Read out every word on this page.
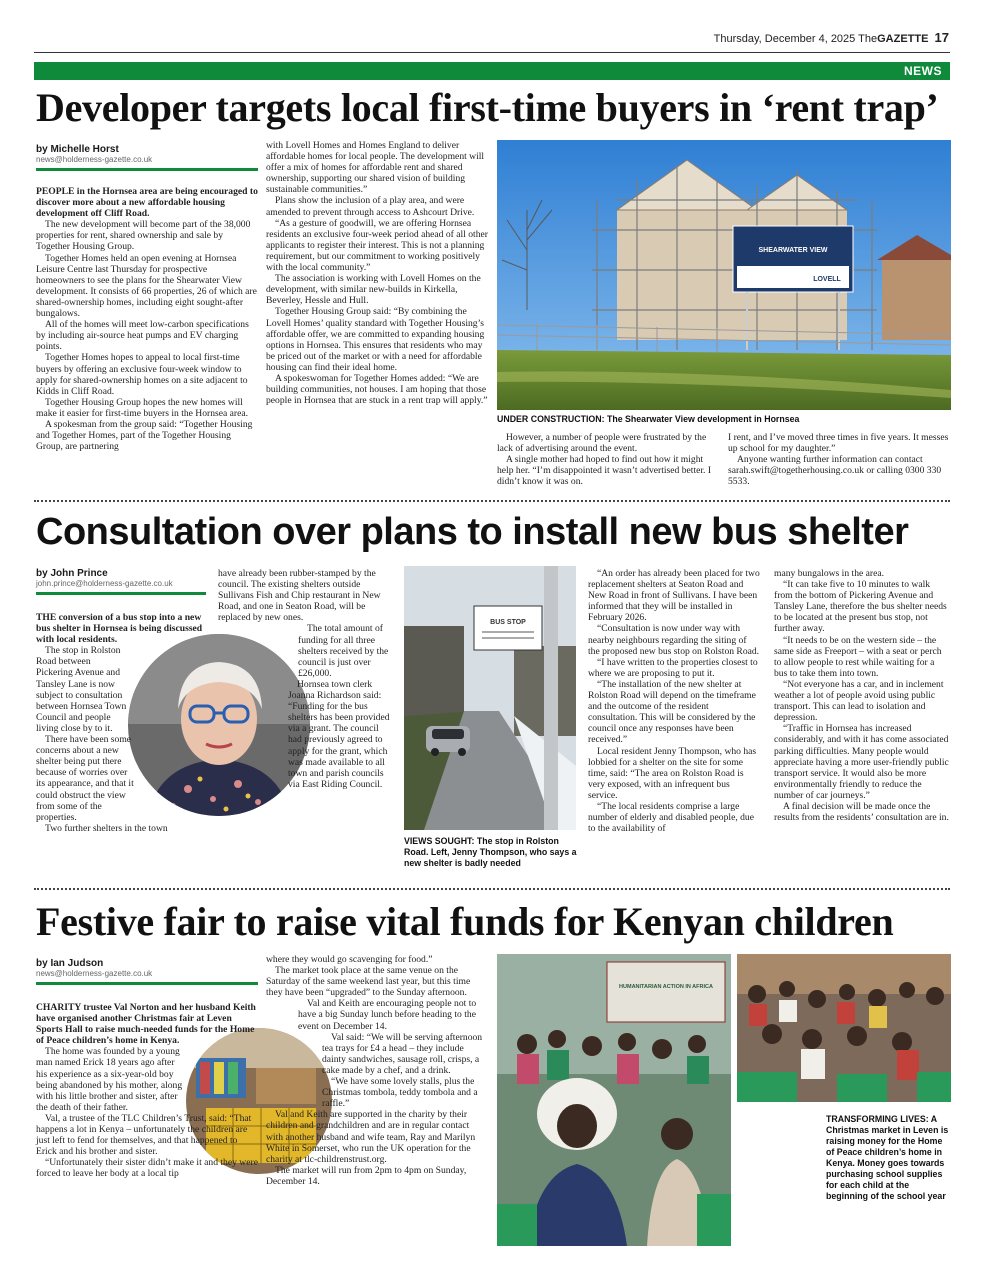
Thursday, December 4, 2025 TheGAZETTE 17
NEWS
Developer targets local first-time buyers in ‘rent trap’
by Michelle Horst
news@holderness-gazette.co.uk

PEOPLE in the Hornsea area are being encouraged to discover more about a new affordable housing development off Cliff Road.

The new development will become part of the 38,000 properties for rent, shared ownership and sale by Together Housing Group.

Together Homes held an open evening at Hornsea Leisure Centre last Thursday for prospective homeowners to see the plans for the Shearwater View development. It consists of 66 properties, 26 of which are shared-ownership homes, including eight sought-after bungalows.

All of the homes will meet low-carbon specifications by including air-source heat pumps and EV charging points.

Together Homes hopes to appeal to local first-time buyers by offering an exclusive four-week window to apply for shared-ownership homes on a site adjacent to Kidds in Cliff Road.

Together Housing Group hopes the new homes will make it easier for first-time buyers in the Hornsea area.

A spokesman from the group said: “Together Housing and Together Homes, part of the Together Housing Group, are partnering

with Lovell Homes and Homes England to deliver affordable homes for local people. The development will offer a mix of homes for affordable rent and shared ownership, supporting our shared vision of building sustainable communities.”

Plans show the inclusion of a play area, and were amended to prevent through access to Ashcourt Drive.

“As a gesture of goodwill, we are offering Hornsea residents an exclusive four-week period ahead of all other applicants to register their interest. This is not a planning requirement, but our commitment to working positively with the local community.”

The association is working with Lovell Homes on the development, with similar new-builds in Kirkella, Beverley, Hessle and Hull.

Together Housing Group said: “By combining the Lovell Homes’ quality standard with Together Housing’s affordable offer, we are committed to expanding housing options in Hornsea. This ensures that residents who may be priced out of the market or with a need for affordable housing can find their ideal home.

A spokeswoman for Together Homes added: “We are building communities, not houses. I am hoping that those people in Hornsea that are stuck in a rent trap will apply.”

SHEARWATER VIEW
LOVELL
UNDER CONSTRUCTION: The Shearwater View development in Hornsea

However, a number of people were frustrated by the lack of advertising around the event.

A single mother had hoped to find out how it might help her. “I’m disappointed it wasn’t advertised better. I didn’t know it was on.

I rent, and I’ve moved three times in five years. It messes up school for my daughter.”

Anyone wanting further information can contact sarah.swift@togetherhousing.co.uk or calling 0300 330 5533.

Consultation over plans to install new bus shelter
by John Prince
john.prince@holderness-gazette.co.uk

THE conversion of a bus stop into a new bus shelter in Hornsea is being discussed with local residents.

The stop in Rolston Road between Pickering Avenue and Tansley Lane is now subject to consultation between Hornsea Town Council and people living close by to it.

There have been some concerns about a new shelter being put there because of worries over its appearance, and that it could obstruct the view from some of the properties.

Two further shelters in the town

have already been rubber-stamped by the council. The existing shelters outside Sullivans Fish and Chip restaurant in New Road, and one in Seaton Road, will be replaced by new ones.

The total amount of funding for all three shelters received by the council is just over £26,000.

Hornsea town clerk Joanna Richardson said: “Funding for the bus shelters has been provided via a grant. The council had previously agreed to apply for the grant, which was made available to all town and parish councils via East Riding Council.

BUS STOP
VIEWS SOUGHT: The stop in Rolston Road. Left, Jenny Thompson, who says a new shelter is badly needed

“An order has already been placed for two replacement shelters at Seaton Road and New Road in front of Sullivans. I have been informed that they will be installed in February 2026.

“Consultation is now under way with nearby neighbours regarding the siting of the proposed new bus stop on Rolston Road.

“I have written to the properties closest to where we are proposing to put it.

“The installation of the new shelter at Rolston Road will depend on the timeframe and the outcome of the resident consultation. This will be considered by the council once any responses have been received.”

Local resident Jenny Thompson, who has lobbied for a shelter on the site for some time, said: “The area on Rolston Road is very exposed, with an infrequent bus service.

“The local residents comprise a large number of elderly and disabled people, due to the availability of

many bungalows in the area.

“It can take five to 10 minutes to walk from the bottom of Pickering Avenue and Tansley Lane, therefore the bus shelter needs to be located at the present bus stop, not further away.

“It needs to be on the western side – the same side as Freeport – with a seat or perch to allow people to rest while waiting for a bus to take them into town.

“Not everyone has a car, and in inclement weather a lot of people avoid using public transport. This can lead to isolation and depression.

“Traffic in Hornsea has increased considerably, and with it has come associated parking difficulties. Many people would appreciate having a more user-friendly public transport service. It would also be more environmentally friendly to reduce the number of car journeys.”

A final decision will be made once the results from the residents’ consultation are in.

Festive fair to raise vital funds for Kenyan children
by Ian Judson
news@holderness-gazette.co.uk

CHARITY trustee Val Norton and her husband Keith have organised another Christmas fair at Leven Sports Hall to raise much-needed funds for the Home of Peace children’s home in Kenya.

The home was founded by a young man named Erick 18 years ago after his experience as a six-year-old boy being abandoned by his mother, along with his little brother and sister, after the death of their father.

Val, a trustee of the TLC Children’s Trust, said: “That happens a lot in Kenya – unfortunately the children are just left to fend for themselves, and that happened to Erick and his brother and sister.

“Unfortunately their sister didn’t make it and they were forced to leave her body at a local tip

where they would go scavenging for food.”

The market took place at the same venue on the Saturday of the same weekend last year, but this time they have been “upgraded” to the Sunday afternoon.

Val and Keith are encouraging people not to have a big Sunday lunch before heading to the event on December 14.

Val said: “We will be serving afternoon tea trays for £4 a head – they include dainty sandwiches, sausage roll, crisps, a cake made by a chef, and a drink.

“We have some lovely stalls, plus the Christmas tombola, teddy tombola and a raffle.”

Val and Keith are supported in the charity by their children and grandchildren and are in regular contact with another husband and wife team, Ray and Marilyn White in Somerset, who run the UK operation for the charity at tlc-childrenstrust.org.

The market will run from 2pm to 4pm on Sunday, December 14.

HUMANITARIAN ACTION IN AFRICA
TRANSFORMING LIVES: A Christmas market in Leven is raising money for the Home of Peace children’s home in Kenya. Money goes towards purchasing school supplies for each child at the beginning of the school year
